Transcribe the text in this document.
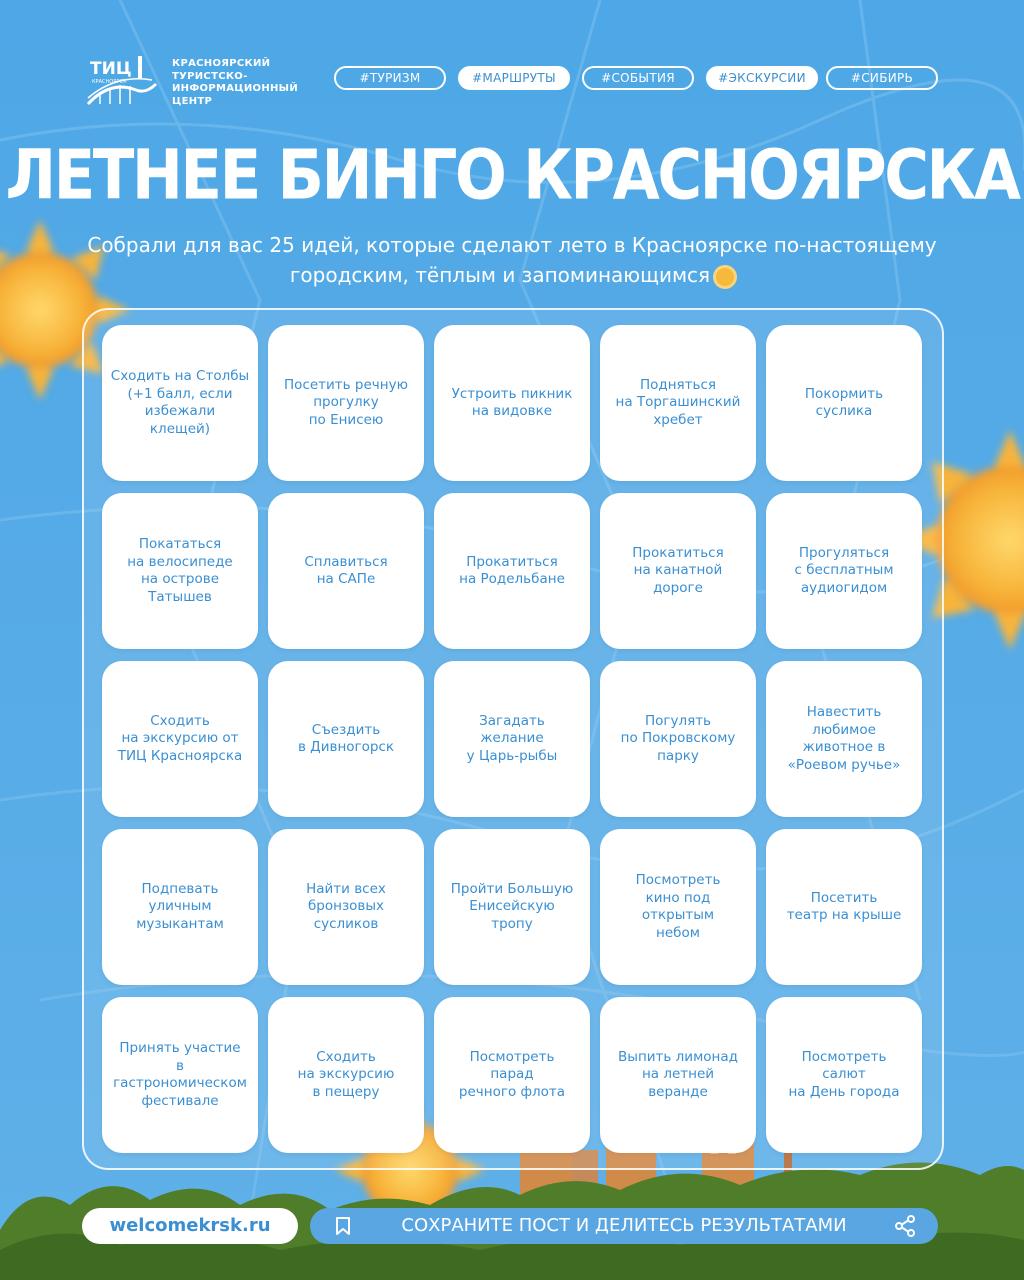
ТИЦ
КРАСНОЯРСК
КРАСНОЯРСКИЙ
ТУРИСТСКО-
ИНФОРМАЦИОННЫЙ
ЦЕНТР
#ТУРИЗМ	#МАРШРУТЫ	#СОБЫТИЯ	#ЭКСКУРСИИ	#СИБИРЬ
ЛЕТНЕЕ БИНГО КРАСНОЯРСКА
Собрали для вас 25 идей, которые сделают лето в Красноярске по-настоящему
городским, тёплым и запоминающимся
Сходить на Столбы
(+1 балл, если
избежали
клещей)
Посетить речную
прогулку
по Енисею
Устроить пикник
на видовке
Подняться
на Торгашинский
хребет
Покормить
суслика
Покататься
на велосипеде
на острове
Татышев
Сплавиться
на САПе
Прокатиться
на Родельбане
Прокатиться
на канатной
дороге
Прогуляться
с бесплатным
аудиогидом
Сходить
на экскурсию от
ТИЦ Красноярска
Съездить
в Дивногорск
Загадать
желание
у Царь-рыбы
Погулять
по Покровскому
парку
Навестить
любимое
животное в
«Роевом ручье»
Подпевать
уличным
музыкантам
Найти всех
бронзовых
сусликов
Пройти Большую
Енисейскую
тропу
Посмотреть
кино под
открытым
небом
Посетить
театр на крыше
Принять участие
в гастрономическом
фестивале
Сходить
на экскурсию
в пещеру
Посмотреть
парад
речного флота
Выпить лимонад
на летней
веранде
Посмотреть
салют
на День города
welcomekrsk.ru	СОХРАНИТЕ ПОСТ И ДЕЛИТЕСЬ РЕЗУЛЬТАТАМИ
